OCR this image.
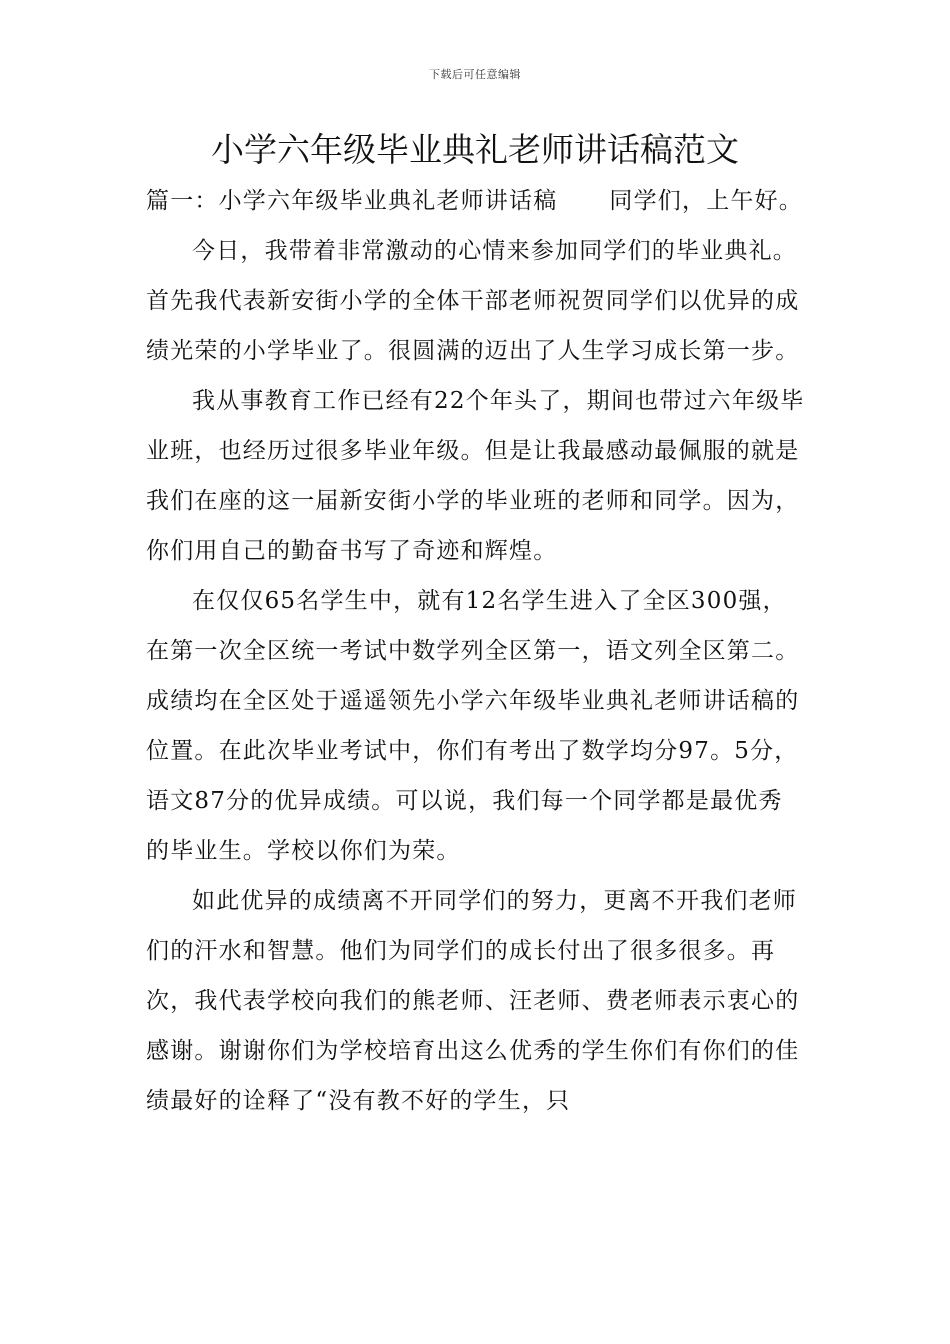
下载后可任意编辑
小学六年级毕业典礼老师讲话稿范文

篇一：小学六年级毕业典礼老师讲话稿 同学们，上午好。

今日，我带着非常激动的心情来参加同学们的毕业典礼。首先我代表新安街小学的全体干部老师祝贺同学们以优异的成绩光荣的小学毕业了。很圆满的迈出了人生学习成长第一步。

我从事教育工作已经有22个年头了，期间也带过六年级毕业班，也经历过很多毕业年级。但是让我最感动最佩服的就是我们在座的这一届新安街小学的毕业班的老师和同学。因为，你们用自己的勤奋书写了奇迹和辉煌。

在仅仅65名学生中，就有12名学生进入了全区300强，在第一次全区统一考试中数学列全区第一，语文列全区第二。成绩均在全区处于遥遥领先小学六年级毕业典礼老师讲话稿的位置。在此次毕业考试中，你们有考出了数学均分97。5分，语文87分的优异成绩。可以说，我们每一个同学都是最优秀的毕业生。学校以你们为荣。

如此优异的成绩离不开同学们的努力，更离不开我们老师们的汗水和智慧。他们为同学们的成长付出了很多很多。再次，我代表学校向我们的熊老师、汪老师、费老师表示衷心的感谢。谢谢你们为学校培育出这么优秀的学生你们有你们的佳绩最好的诠释了“没有教不好的学生，只
